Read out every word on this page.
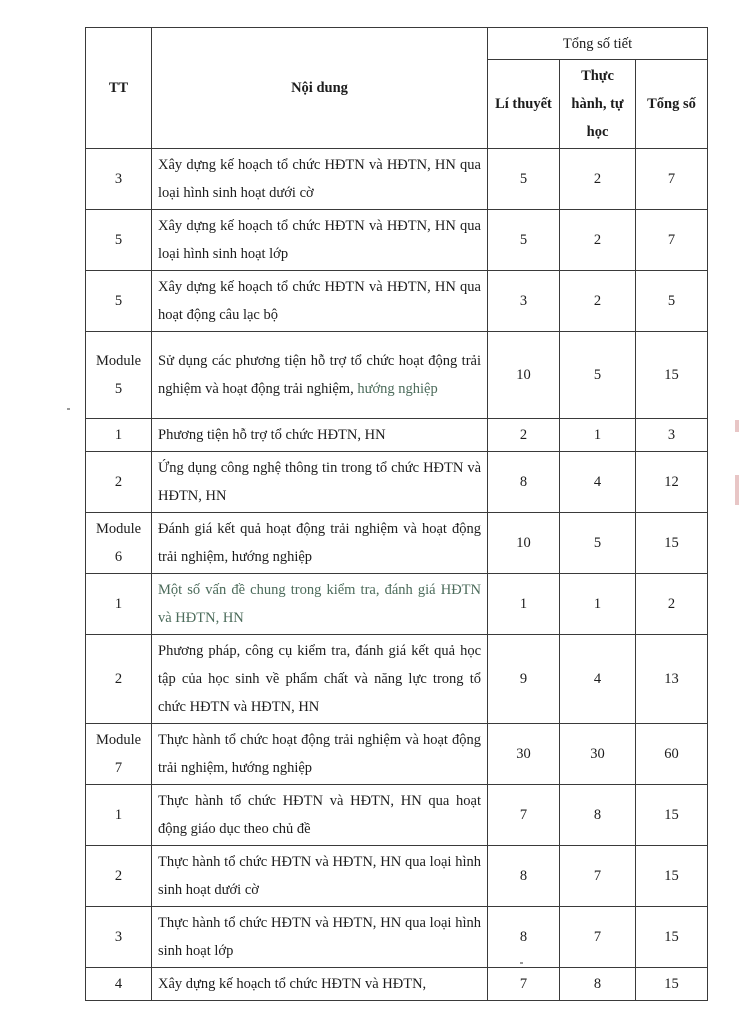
TT	Nội dung	Tổng số tiết		
		Lí thuyết	Thực hành, tự học	Tổng số
3	Xây dựng kế hoạch tổ chức HĐTN và HĐTN, HN qua loại hình sinh hoạt dưới cờ	5	2	7
5	Xây dựng kế hoạch tổ chức HĐTN và HĐTN, HN qua loại hình sinh hoạt lớp	5	2	7
5	Xây dựng kế hoạch tổ chức HĐTN và HĐTN, HN qua hoạt động câu lạc bộ	3	2	5
Module 5	Sử dụng các phương tiện hỗ trợ tổ chức hoạt động trải nghiệm và hoạt động trải nghiệm, hướng nghiệp	10	5	15
1	Phương tiện hỗ trợ tổ chức HĐTN, HN	2	1	3
2	Ứng dụng công nghệ thông tin trong tổ chức HĐTN và HĐTN, HN	8	4	12
Module 6	Đánh giá kết quả hoạt động trải nghiệm và hoạt động trải nghiệm, hướng nghiệp	10	5	15
1	Một số vấn đề chung trong kiểm tra, đánh giá HĐTN và HĐTN, HN	1	1	2
2	Phương pháp, công cụ kiểm tra, đánh giá kết quả học tập của học sinh về phẩm chất và năng lực trong tổ chức HĐTN và HĐTN, HN	9	4	13
Module 7	Thực hành tổ chức hoạt động trải nghiệm và hoạt động trải nghiệm, hướng nghiệp	30	30	60
1	Thực hành tổ chức HĐTN và HĐTN, HN qua hoạt động giáo dục theo chủ đề	7	8	15
2	Thực hành tổ chức HĐTN và HĐTN, HN qua loại hình sinh hoạt dưới cờ	8	7	15
3	Thực hành tổ chức HĐTN và HĐTN, HN qua loại hình sinh hoạt lớp	8	7	15
4	Xây dựng kế hoạch tổ chức HĐTN và HĐTN,	7	8	15
